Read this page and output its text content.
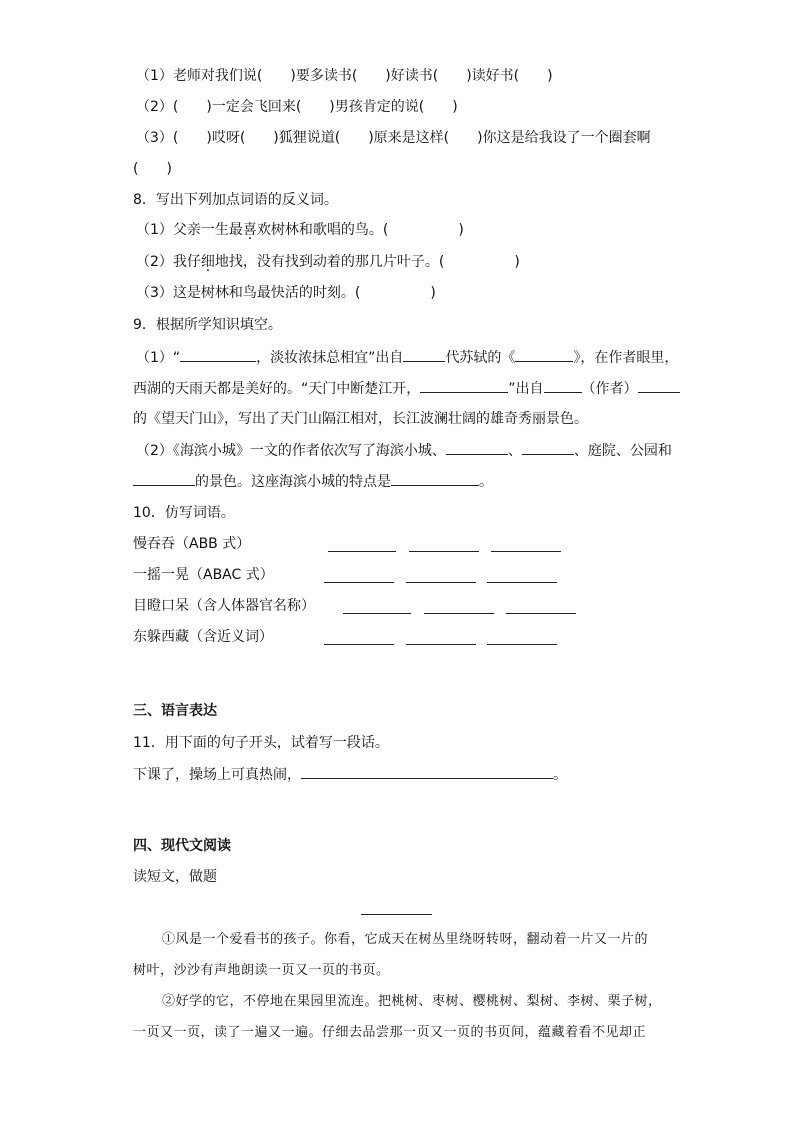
（1）老师对我们说(　　)要多读书(　　)好读书(　　)读好书(　　)
（2）(　　)一定会飞回来(　　)男孩肯定的说(　　)
（3）(　　)哎呀(　　)狐狸说道(　　)原来是这样(　　)你这是给我设了一个圈套啊
(　　)
8．写出下列加点词语的反义词。
（1）父亲一生最喜欢树林和歌唱的鸟。(　　　　　)
（2）我仔细地找，没有找到动着的那几片叶子。(　　　　　)
（3）这是树林和鸟最快活的时刻。(　　　　　)
9．根据所学知识填空。
（1）“	，淡妆浓抹总相宜”出自	代苏轼的《	》，在作者眼里，
西湖的天雨天都是美好的。“天门中断楚江开，	”出自	（作者）
的《望天门山》，写出了天门山隔江相对，长江波澜壮阔的雄奇秀丽景色。
（2）《海滨小城》一文的作者依次写了海滨小城、	、	、庭院、公园和
的景色。这座海滨小城的特点是	。
10．仿写词语。
慢吞吞（ABB 式）
一摇一晃（ABAC 式）
目瞪口呆（含人体器官名称）
东躲西藏（含近义词）
三、语言表达
11．用下面的句子开头，试着写一段话。
下课了，操场上可真热闹，	。
四、现代文阅读
读短文，做题
①风是一个爱看书的孩子。你看，它成天在树丛里绕呀转呀，翻动着一片又一片的
树叶，沙沙有声地朗读一页又一页的书页。
②好学的它，不停地在果园里流连。把桃树、枣树、樱桃树、梨树、李树、栗子树，
一页又一页，读了一遍又一遍。仔细去品尝那一页又一页的书页间，蕴藏着看不见却正
